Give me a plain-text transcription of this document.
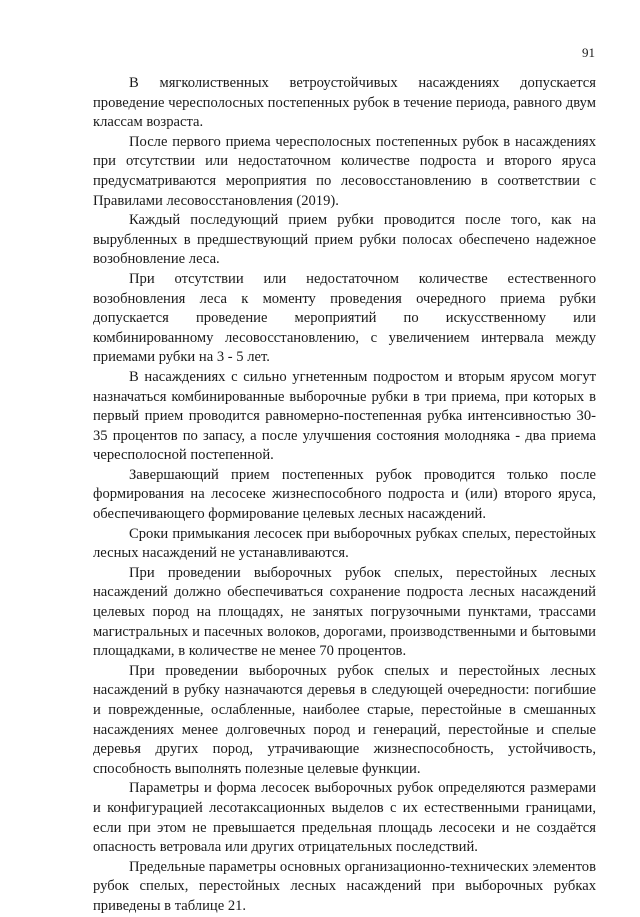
91

В мягколиственных ветроустойчивых насаждениях допускается проведение чересполосных постепенных рубок в течение периода, равного двум классам возраста.

После первого приема чересполосных постепенных рубок в насаждениях при отсутствии или недостаточном количестве подроста и второго яруса предусматриваются мероприятия по лесовосстановлению в соответствии с Правилами лесовосстановления (2019).

Каждый последующий прием рубки проводится после того, как на вырубленных в предшествующий прием рубки полосах обеспечено надежное возобновление леса.

При отсутствии или недостаточном количестве естественного возобновления леса к моменту проведения очередного приема рубки допускается проведение мероприятий по искусственному или комбинированному лесовосстановлению, с увеличением интервала между приемами рубки на 3 - 5 лет.

В насаждениях с сильно угнетенным подростом и вторым ярусом могут назначаться комбинированные выборочные рубки в три приема, при которых в первый прием проводится равномерно-постепенная рубка интенсивностью 30-35 процентов по запасу, а после улучшения состояния молодняка - два приема чересполосной постепенной.

Завершающий прием постепенных рубок проводится только после формирования на лесосеке жизнеспособного подроста и (или) второго яруса, обеспечивающего формирование целевых лесных насаждений.

Сроки примыкания лесосек при выборочных рубках спелых, перестойных лесных насаждений не устанавливаются.

При проведении выборочных рубок спелых, перестойных лесных насаждений должно обеспечиваться сохранение подроста лесных насаждений целевых пород на площадях, не занятых погрузочными пунктами, трассами магистральных и пасечных волоков, дорогами, производственными и бытовыми площадками, в количестве не менее 70 процентов.

При проведении выборочных рубок спелых и перестойных лесных насаждений в рубку назначаются деревья в следующей очередности: погибшие и поврежденные, ослабленные, наиболее старые, перестойные в смешанных насаждениях менее долговечных пород и генераций, перестойные и спелые деревья других пород, утрачивающие жизнеспособность, устойчивость, способность выполнять полезные целевые функции.

Параметры и форма лесосек выборочных рубок определяются размерами и конфигурацией лесотаксационных выделов с их естественными границами, если при этом не превышается предельная площадь лесосеки и не создаётся опасность ветровала или других отрицательных последствий.

Предельные параметры основных организационно-технических элементов рубок спелых, перестойных лесных насаждений при выборочных рубках приведены в таблице 21.
